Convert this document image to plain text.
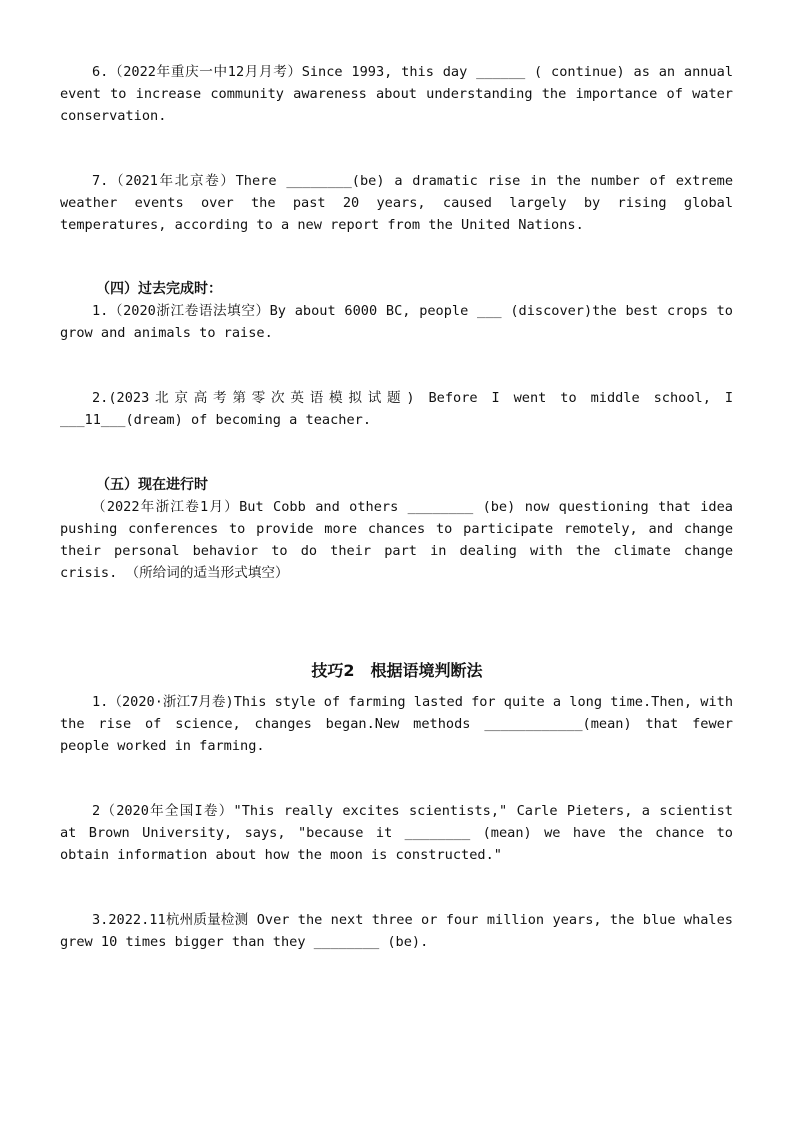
6.（2022年重庆一中12月月考）Since 1993, this day ______ ( continue) as an annual event to increase community awareness about understanding the importance of water conservation.

7.（2021年北京卷）There ________(be) a dramatic rise in the number of extreme weather events over the past 20 years, caused largely by rising global temperatures, according to a new report from the United Nations.

（四）过去完成时：

1.（2020浙江卷语法填空）By about 6000 BC, people ___ (discover)the best crops to grow and animals to raise.

2.(2023北京高考第零次英语模拟试题) Before I went to middle school, I ___11___(dream) of becoming a teacher.

（五）现在进行时

（2022年浙江卷1月）But Cobb and others ________ (be) now questioning that idea pushing conferences to provide more chances to participate remotely, and change their personal behavior to do their part in dealing with the climate change crisis. （所给词的适当形式填空）

技巧2　根据语境判断法

1.（2020·浙江7月卷)This style of farming lasted for quite a long time.Then, with the rise of science, changes began.New methods ____________(mean) that fewer people worked in farming.

2（2020年全国I卷）"This really excites scientists," Carle Pieters, a scientist at Brown University, says, "because it ________ (mean) we have the chance to obtain information about how the moon is constructed."

3.2022.11杭州质量检测 Over the next three or four million years, the blue whales grew 10 times bigger than they ________ (be).
